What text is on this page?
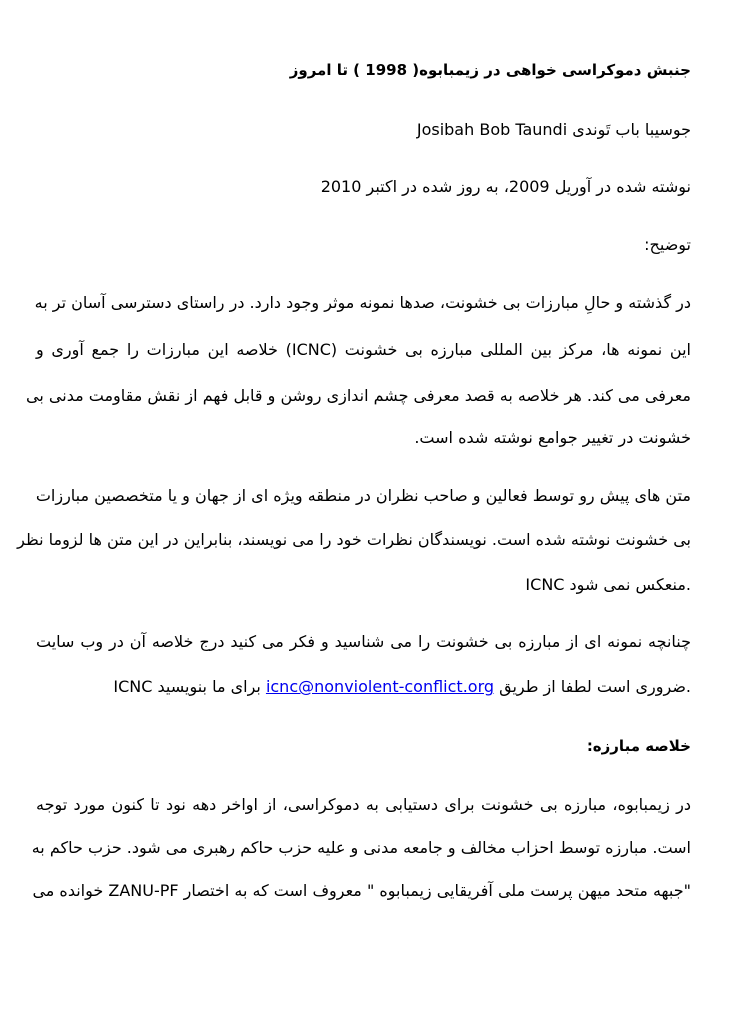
جنبش دموکراسی خواهی در زیمبابوه( 1998 ) تا امروز
جوسیبا باب تَوندی Josibah Bob Taundi
نوشته شده در آوریل 2009، به روز شده در اکتبر 2010
توضیح:
در گذشته و حالِ مبارزات بی خشونت، صدها نمونه موثر وجود دارد. در راستای دسترسی آسان تر به
این نمونه ها، مرکز بین المللی مبارزه بی خشونت (ICNC) خلاصه این مبارزات را جمع آوری و
معرفی می کند. هر خلاصه به قصد معرفی چشم اندازی روشن و قابل فهم از نقش مقاومت مدنی بی
خشونت در تغییر جوامع نوشته شده است.
متن های پیش رو توسط فعالین و صاحب نظران در منطقه ویژه ای از جهان و یا متخصصین مبارزات
بی خشونت نوشته شده است. نویسندگان نظرات خود را می نویسند، بنابراین در این متن ها لزوما نظر
ICNC منعکس نمی شود.
چنانچه نمونه ای از مبارزه بی خشونت را می شناسید و فکر می کنید درج خلاصه آن در وب سایت
ICNC ضروری است لطفا از طریق icnc@nonviolent-conflict.org برای ما بنویسید.
خلاصه مبارزه:
در زیمبابوه، مبارزه بی خشونت برای دستیابی به دموکراسی، از اواخر دهه نود تا کنون مورد توجه
است. مبارزه توسط احزاب مخالف و جامعه مدنی و علیه حزب حاکم رهبری می شود. حزب حاکم به
"جبهه متحد میهن پرست ملی آفریقایی زیمبابوه " معروف است که به اختصار ZANU-PF خوانده می
